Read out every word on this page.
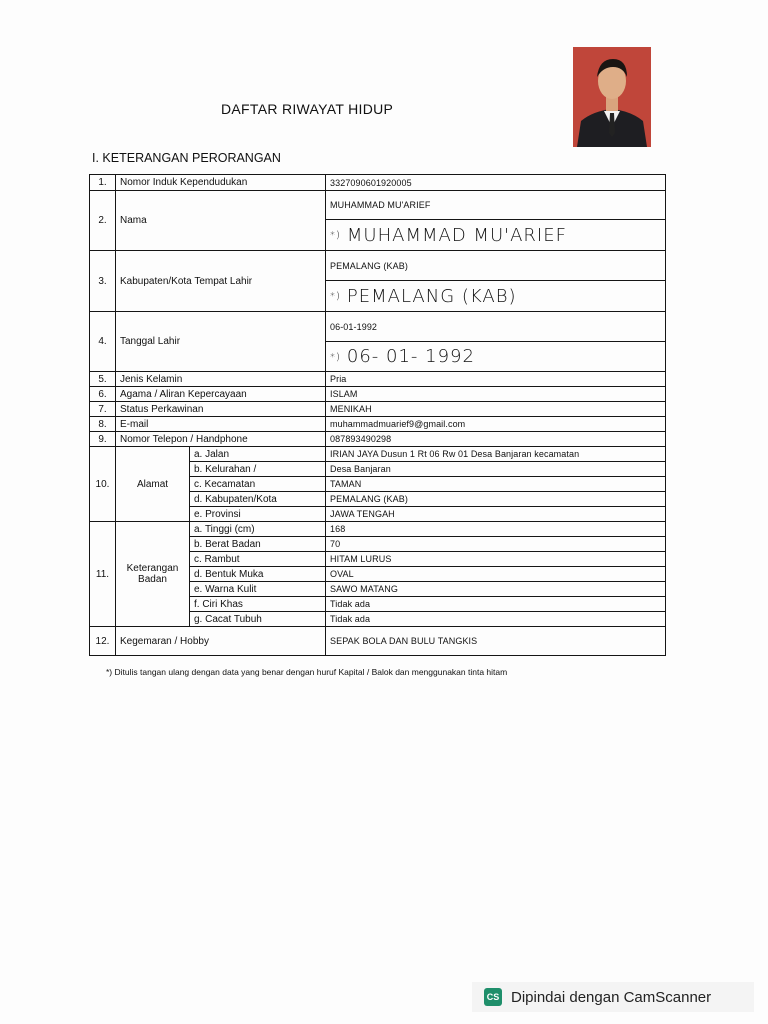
DAFTAR RIWAYAT HIDUP
I. KETERANGAN PERORANGAN
1.	Nomor Induk Kependudukan		3327090601920005
2.	Nama		MUHAMMAD MU'ARIEF
			*) MUHAMMAD MU'ARIEF
3.	Kabupaten/Kota Tempat Lahir		PEMALANG (KAB)
			*) PEMALANG (KAB)
4.	Tanggal Lahir		06-01-1992
			*) 06- 01- 1992
5.	Jenis Kelamin		Pria
6.	Agama / Aliran Kepercayaan		ISLAM
7.	Status Perkawinan		MENIKAH
8.	E-mail		muhammadmuarief9@gmail.com
9.	Nomor Telepon / Handphone		087893490298
10.	Alamat	a. Jalan	IRIAN JAYA Dusun 1 Rt 06 Rw 01 Desa Banjaran kecamatan
		b. Kelurahan /	Desa Banjaran
		c. Kecamatan	TAMAN
		d. Kabupaten/Kota	PEMALANG (KAB)
		e. Provinsi	JAWA TENGAH
11.	Keterangan
Badan	a. Tinggi (cm)	168
		b. Berat Badan	70
		c. Rambut	HITAM LURUS
		d. Bentuk Muka	OVAL
		e. Warna Kulit	SAWO MATANG
		f. Ciri Khas	Tidak ada
		g. Cacat Tubuh	Tidak ada
12.	Kegemaran / Hobby		SEPAK BOLA DAN BULU TANGKIS
*) Ditulis tangan ulang dengan data yang benar dengan huruf Kapital / Balok dan menggunakan tinta hitam
CS Dipindai dengan CamScanner
